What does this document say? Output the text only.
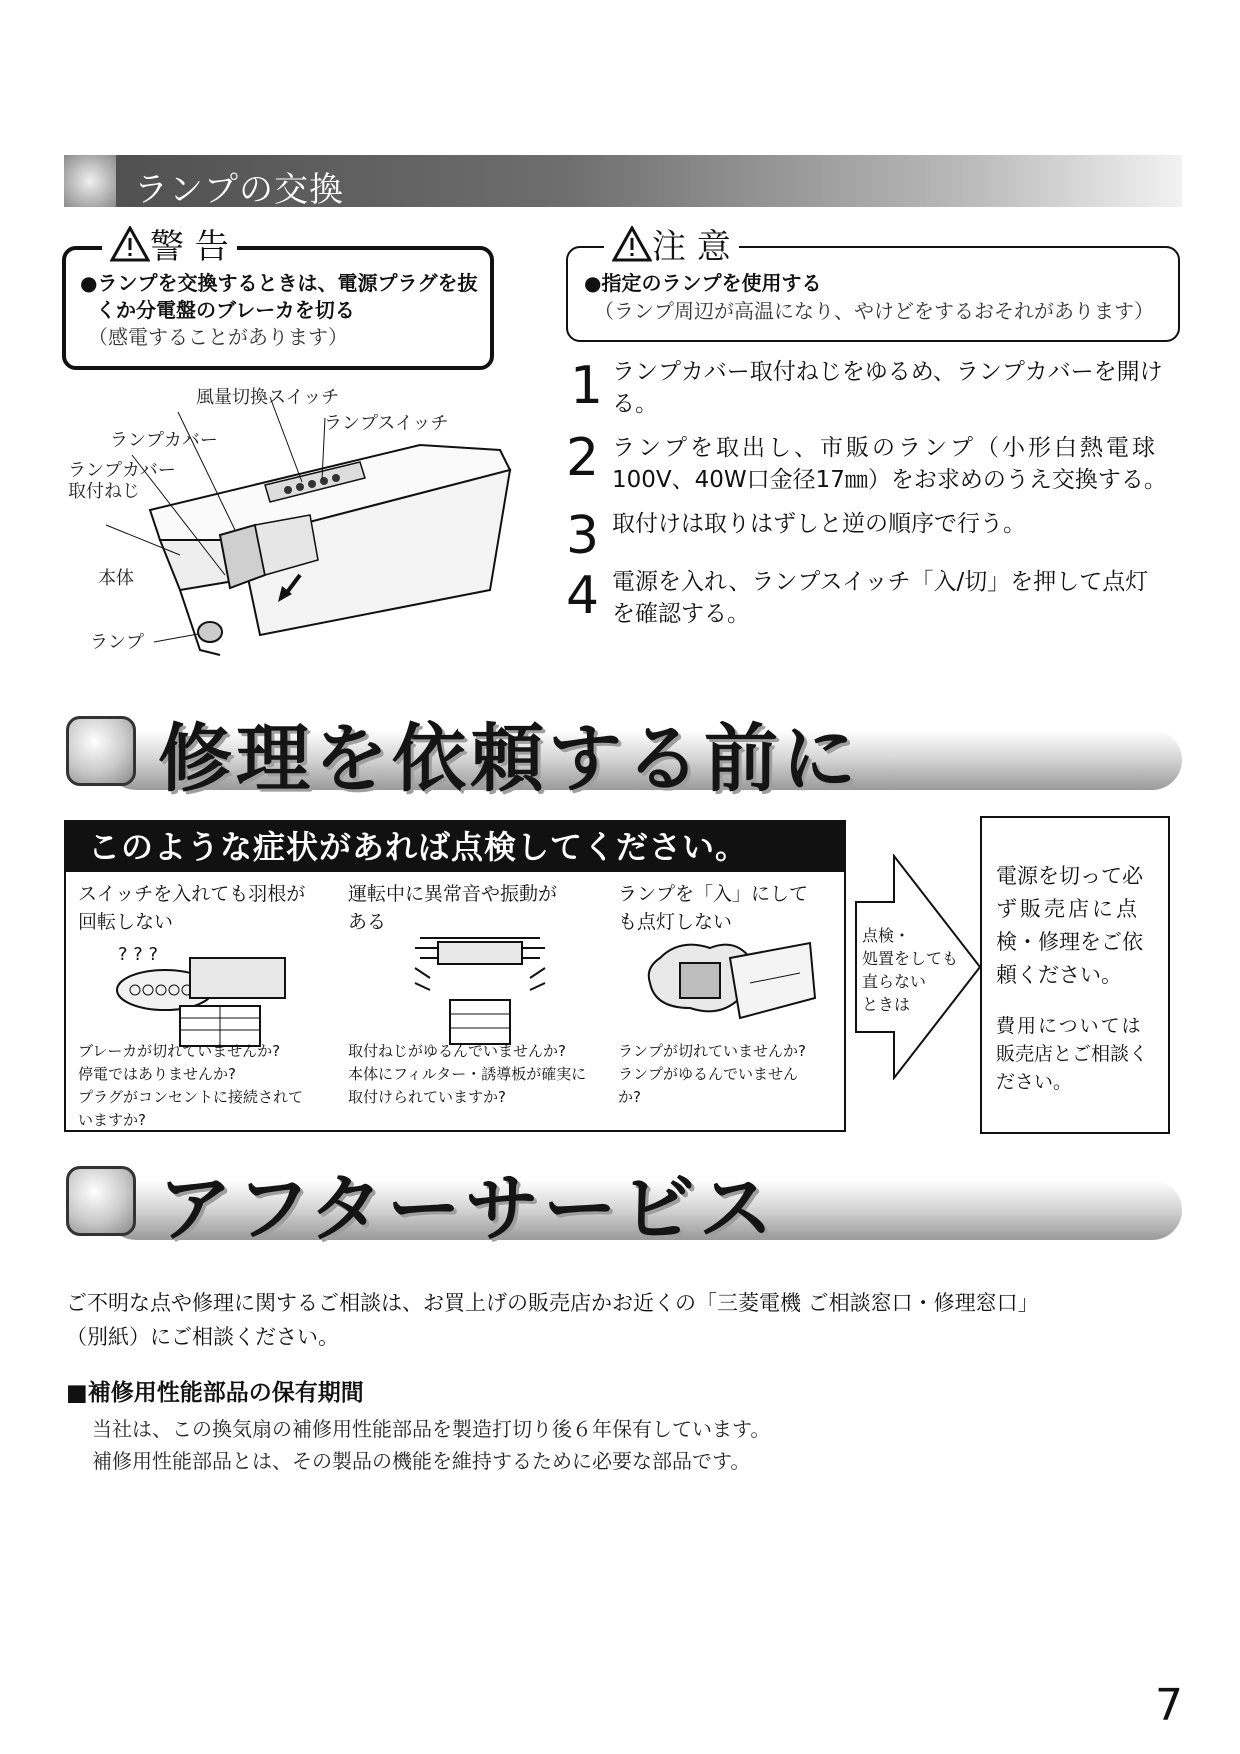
ランプの交換
警 告
●ランプを交換するときは、電源プラグを抜
くか分電盤のブレーカを切る
（感電することがあります）
注 意
●指定のランプを使用する
（ランプ周辺が高温になり、やけどをするおそれがあります）
風量切換スイッチ
ランプスイッチ
ランプカバー
ランプカバー
取付ねじ
本体
ランプ
1 ランプカバー取付ねじをゆるめ、ランプカバーを開け
る。
2 ランプを取出し、市販のランプ（小形白熱電球
100V、40W口金径17㎜）をお求めのうえ交換する。
3 取付けは取りはずしと逆の順序で行う。
4 電源を入れ、ランプスイッチ「入/切」を押して点灯
を確認する。
修理を依頼する前に
このような症状があれば点検してください。
スイッチを入れても羽根が
回転しない
? ? ?
ブレーカが切れていませんか?
停電ではありませんか?
プラグがコンセントに接続されて
いますか?
運転中に異常音や振動が
ある
取付ねじがゆるんでいませんか?
本体にフィルター・誘導板が確実に
取付けられていますか?
ランプを「入」にして
も点灯しない
ランプが切れていませんか?
ランプがゆるんでいません
か?
点検・
処置をしても
直らない
ときは
電源を切って必
ず販売店に点
検・修理をご依
頼ください。
費用については
販売店とご相談く
ださい。
アフターサービス
ご不明な点や修理に関するご相談は、お買上げの販売店かお近くの「三菱電機 ご相談窓口・修理窓口」
（別紙）にご相談ください。
■補修用性能部品の保有期間
当社は、この換気扇の補修用性能部品を製造打切り後６年保有しています。
補修用性能部品とは、その製品の機能を維持するために必要な部品です。
7
